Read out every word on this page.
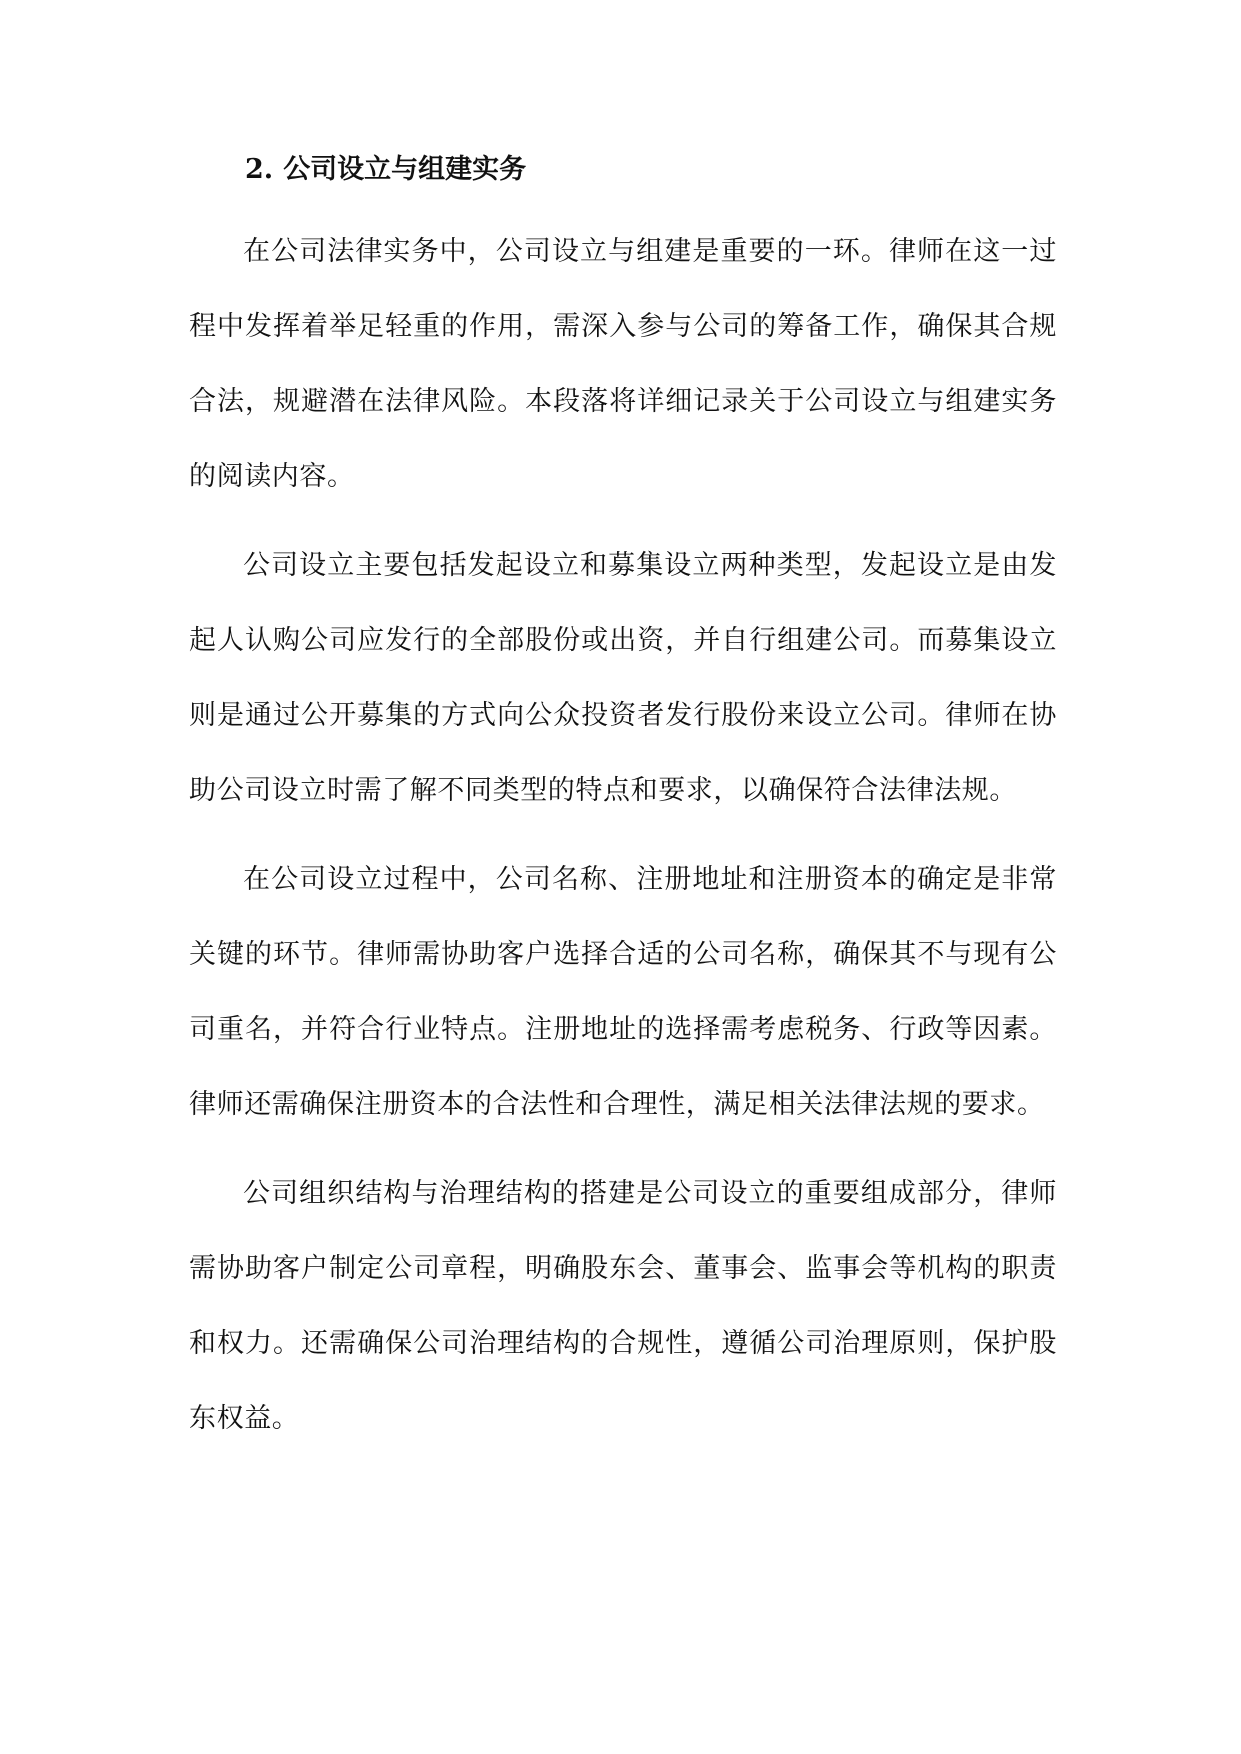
2. 公司设立与组建实务

在公司法律实务中，公司设立与组建是重要的一环。律师在这一过程中发挥着举足轻重的作用，需深入参与公司的筹备工作，确保其合规合法，规避潜在法律风险。本段落将详细记录关于公司设立与组建实务的阅读内容。

公司设立主要包括发起设立和募集设立两种类型，发起设立是由发起人认购公司应发行的全部股份或出资，并自行组建公司。而募集设立则是通过公开募集的方式向公众投资者发行股份来设立公司。律师在协助公司设立时需了解不同类型的特点和要求，以确保符合法律法规。

在公司设立过程中，公司名称、注册地址和注册资本的确定是非常关键的环节。律师需协助客户选择合适的公司名称，确保其不与现有公司重名，并符合行业特点。注册地址的选择需考虑税务、行政等因素。律师还需确保注册资本的合法性和合理性，满足相关法律法规的要求。

公司组织结构与治理结构的搭建是公司设立的重要组成部分，律师需协助客户制定公司章程，明确股东会、董事会、监事会等机构的职责和权力。还需确保公司治理结构的合规性，遵循公司治理原则，保护股东权益。
